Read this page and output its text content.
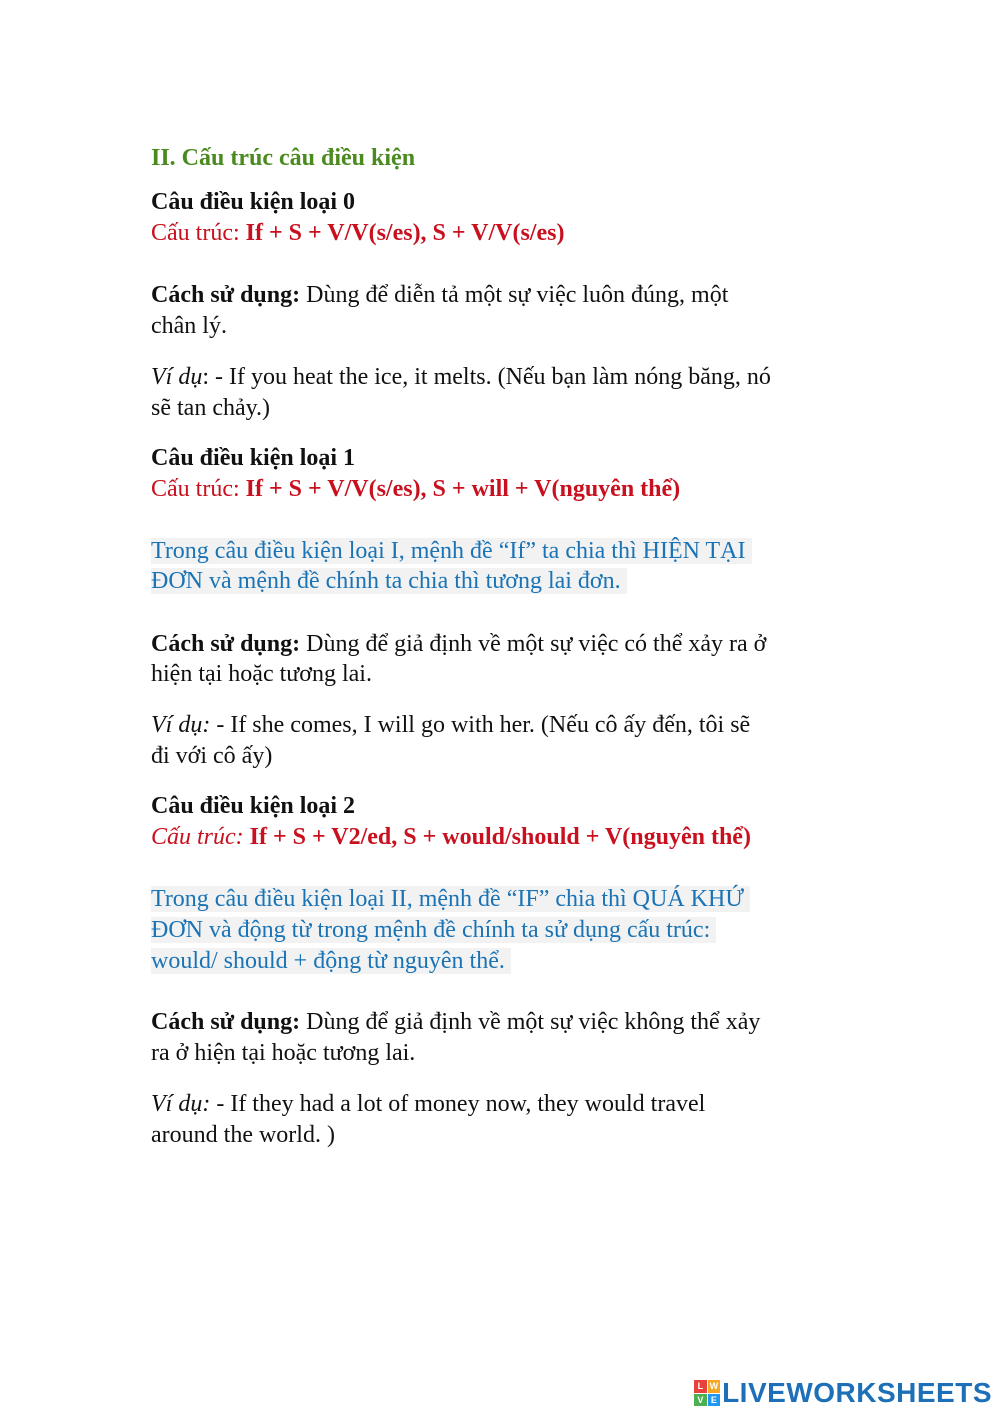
II. Cấu trúc câu điều kiện
Câu điều kiện loại 0
Cấu trúc: If + S + V/V(s/es), S + V/V(s/es)
Cách sử dụng: Dùng để diễn tả một sự việc luôn đúng, một
chân lý.
Ví dụ: - If you heat the ice, it melts. (Nếu bạn làm nóng băng, nó
sẽ tan chảy.)
Câu điều kiện loại 1
Cấu trúc: If + S + V/V(s/es), S + will + V(nguyên thể)
Trong câu điều kiện loại I, mệnh đề “If” ta chia thì HIỆN TẠI
ĐƠN và mệnh đề chính ta chia thì tương lai đơn.
Cách sử dụng: Dùng để giả định về một sự việc có thể xảy ra ở
hiện tại hoặc tương lai.
Ví dụ: - If she comes, I will go with her. (Nếu cô ấy đến, tôi sẽ
đi với cô ấy)
Câu điều kiện loại 2
Cấu trúc: If + S + V2/ed, S + would/should + V(nguyên thể)
Trong câu điều kiện loại II, mệnh đề “IF” chia thì QUÁ KHỨ
ĐƠN và động từ trong mệnh đề chính ta sử dụng cấu trúc:
would/ should + động từ nguyên thể.
Cách sử dụng: Dùng để giả định về một sự việc không thể xảy
ra ở hiện tại hoặc tương lai.
Ví dụ: - If they had a lot of money now, they would travel
around the world. )
L W
V E LIVEWORKSHEETS
